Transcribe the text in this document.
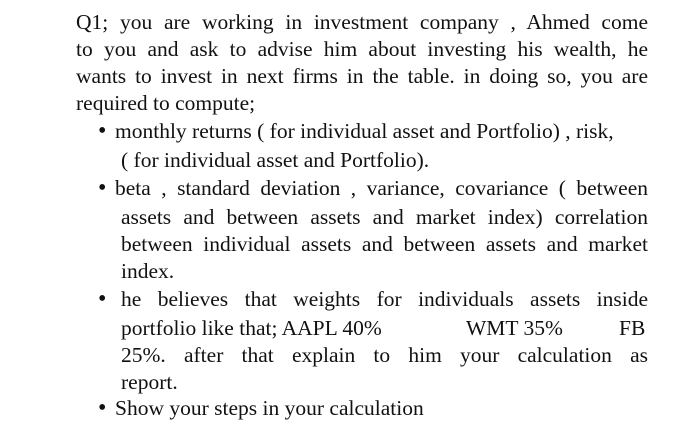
Q1; you are working in investment company , Ahmed come
to you and ask to advise him about investing his wealth, he
wants to invest in next firms in the table. in doing so, you are
required to compute;
• monthly returns ( for individual asset and Portfolio) , risk,
( for individual asset and Portfolio).
• beta , standard deviation , variance, covariance ( between
assets and between assets and market index) correlation
between individual assets and between assets and market
index.
• he believes that weights for individuals assets inside
portfolio like that; AAPL 40%	WMT 35%	FB
25%. after that explain to him your calculation as
report.
• Show your steps in your calculation
